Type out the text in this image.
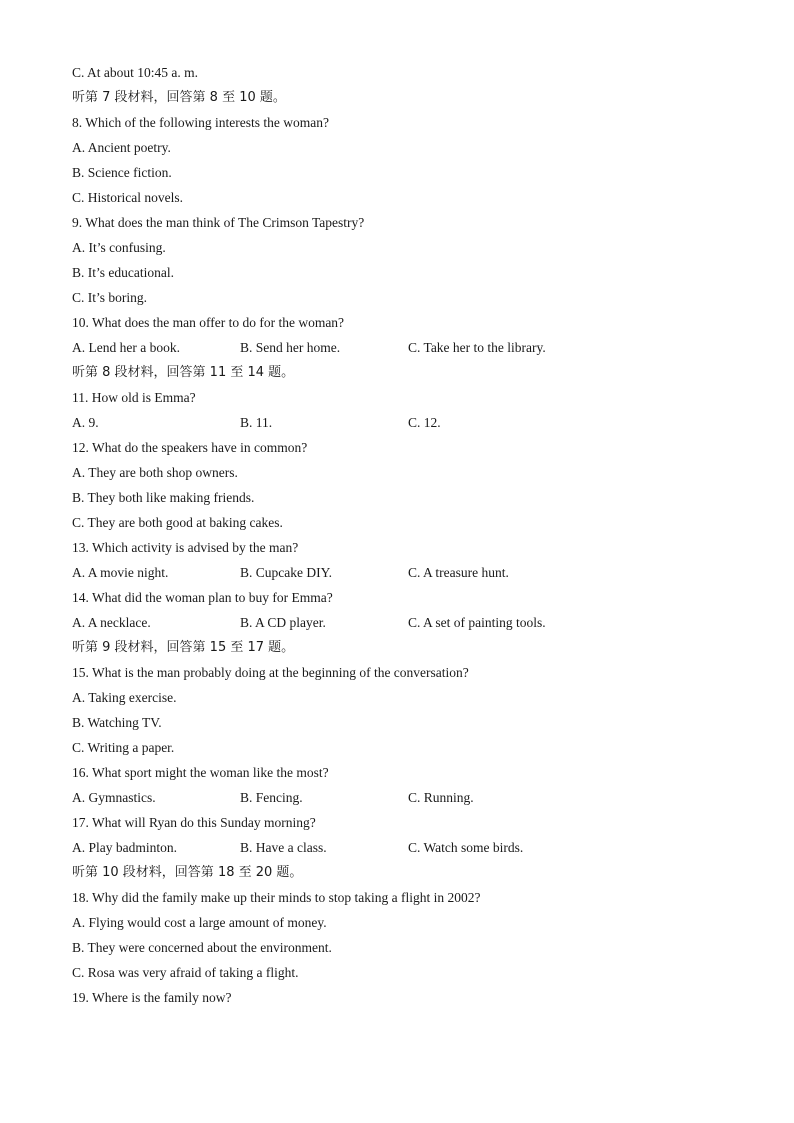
C. At about 10:45 a. m.
听第 7 段材料，回答第 8 至 10 题。
8. Which of the following interests the woman?
A. Ancient poetry.
B. Science fiction.
C. Historical novels.
9. What does the man think of The Crimson Tapestry?
A. It’s confusing.
B. It’s educational.
C. It’s boring.
10. What does the man offer to do for the woman?
A. Lend her a book.	B. Send her home.	C. Take her to the library.
听第 8 段材料，回答第 11 至 14 题。
11. How old is Emma?
A. 9.	B. 11.	C. 12.
12. What do the speakers have in common?
A. They are both shop owners.
B. They both like making friends.
C. They are both good at baking cakes.
13. Which activity is advised by the man?
A. A movie night.	B. Cupcake DIY.	C. A treasure hunt.
14. What did the woman plan to buy for Emma?
A. A necklace.	B. A CD player.	C. A set of painting tools.
听第 9 段材料，回答第 15 至 17 题。
15. What is the man probably doing at the beginning of the conversation?
A. Taking exercise.
B. Watching TV.
C. Writing a paper.
16. What sport might the woman like the most?
A. Gymnastics.	B. Fencing.	C. Running.
17. What will Ryan do this Sunday morning?
A. Play badminton.	B. Have a class.	C. Watch some birds.
听第 10 段材料，回答第 18 至 20 题。
18. Why did the family make up their minds to stop taking a flight in 2002?
A. Flying would cost a large amount of money.
B. They were concerned about the environment.
C. Rosa was very afraid of taking a flight.
19. Where is the family now?
